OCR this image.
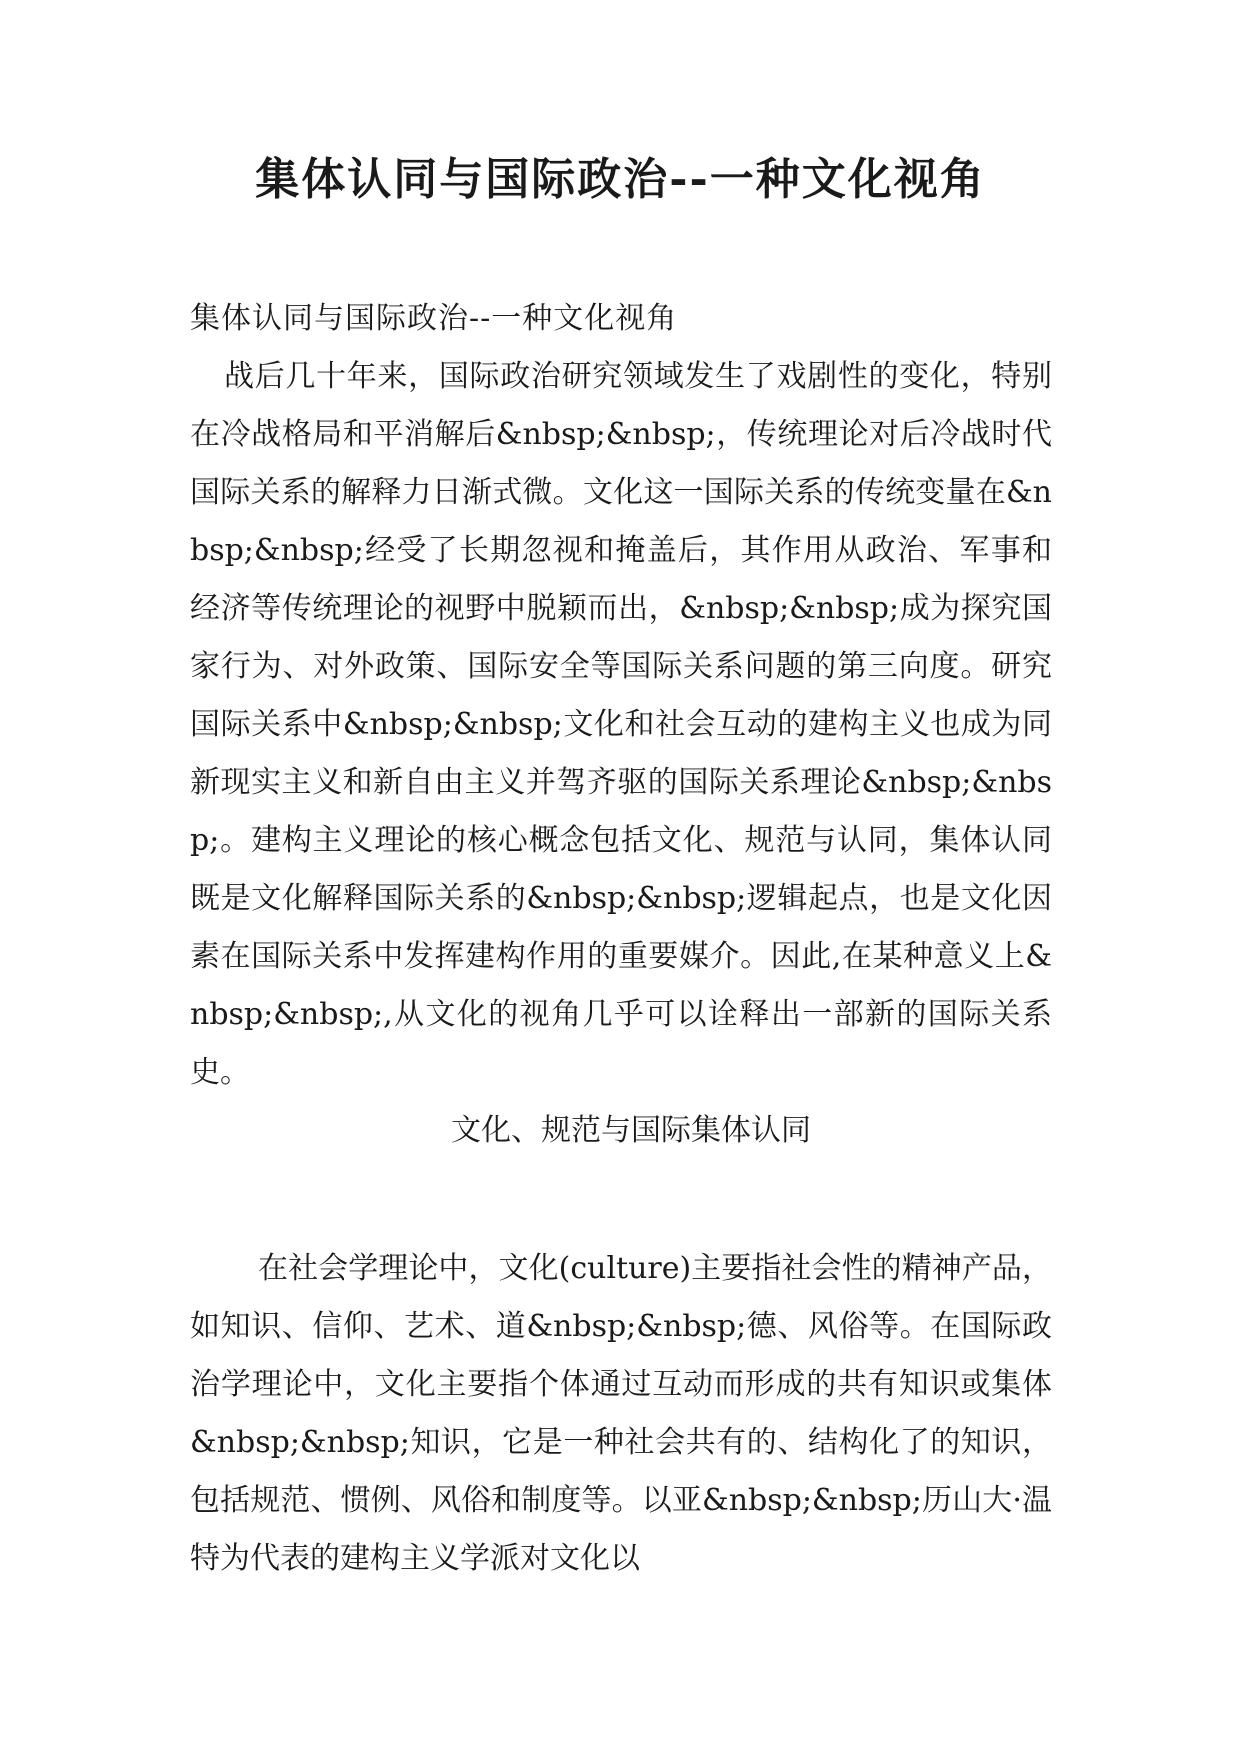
集体认同与国际政治--一种文化视角

集体认同与国际政治--一种文化视角

战后几十年来，国际政治研究领域发生了戏剧性的变化，特别在冷战格局和平消解后&nbsp;&nbsp;，传统理论对后冷战时代国际关系的解释力日渐式微。文化这一国际关系的传统变量在&nbsp;&nbsp;经受了长期忽视和掩盖后，其作用从政治、军事和经济等传统理论的视野中脱颖而出，&nbsp;&nbsp;成为探究国家行为、对外政策、国际安全等国际关系问题的第三向度。研究国际关系中&nbsp;&nbsp;文化和社会互动的建构主义也成为同新现实主义和新自由主义并驾齐驱的国际关系理论&nbsp;&nbsp;。建构主义理论的核心概念包括文化、规范与认同，集体认同既是文化解释国际关系的&nbsp;&nbsp;逻辑起点，也是文化因素在国际关系中发挥建构作用的重要媒介。因此,在某种意义上&nbsp;&nbsp;,从文化的视角几乎可以诠释出一部新的国际关系史。

文化、规范与国际集体认同

在社会学理论中，文化(culture)主要指社会性的精神产品，如知识、信仰、艺术、道&nbsp;&nbsp;德、风俗等。在国际政治学理论中，文化主要指个体通过互动而形成的共有知识或集体&nbsp;&nbsp;知识，它是一种社会共有的、结构化了的知识，包括规范、惯例、风俗和制度等。以亚&nbsp;&nbsp;历山大·温特为代表的建构主义学派对文化以
